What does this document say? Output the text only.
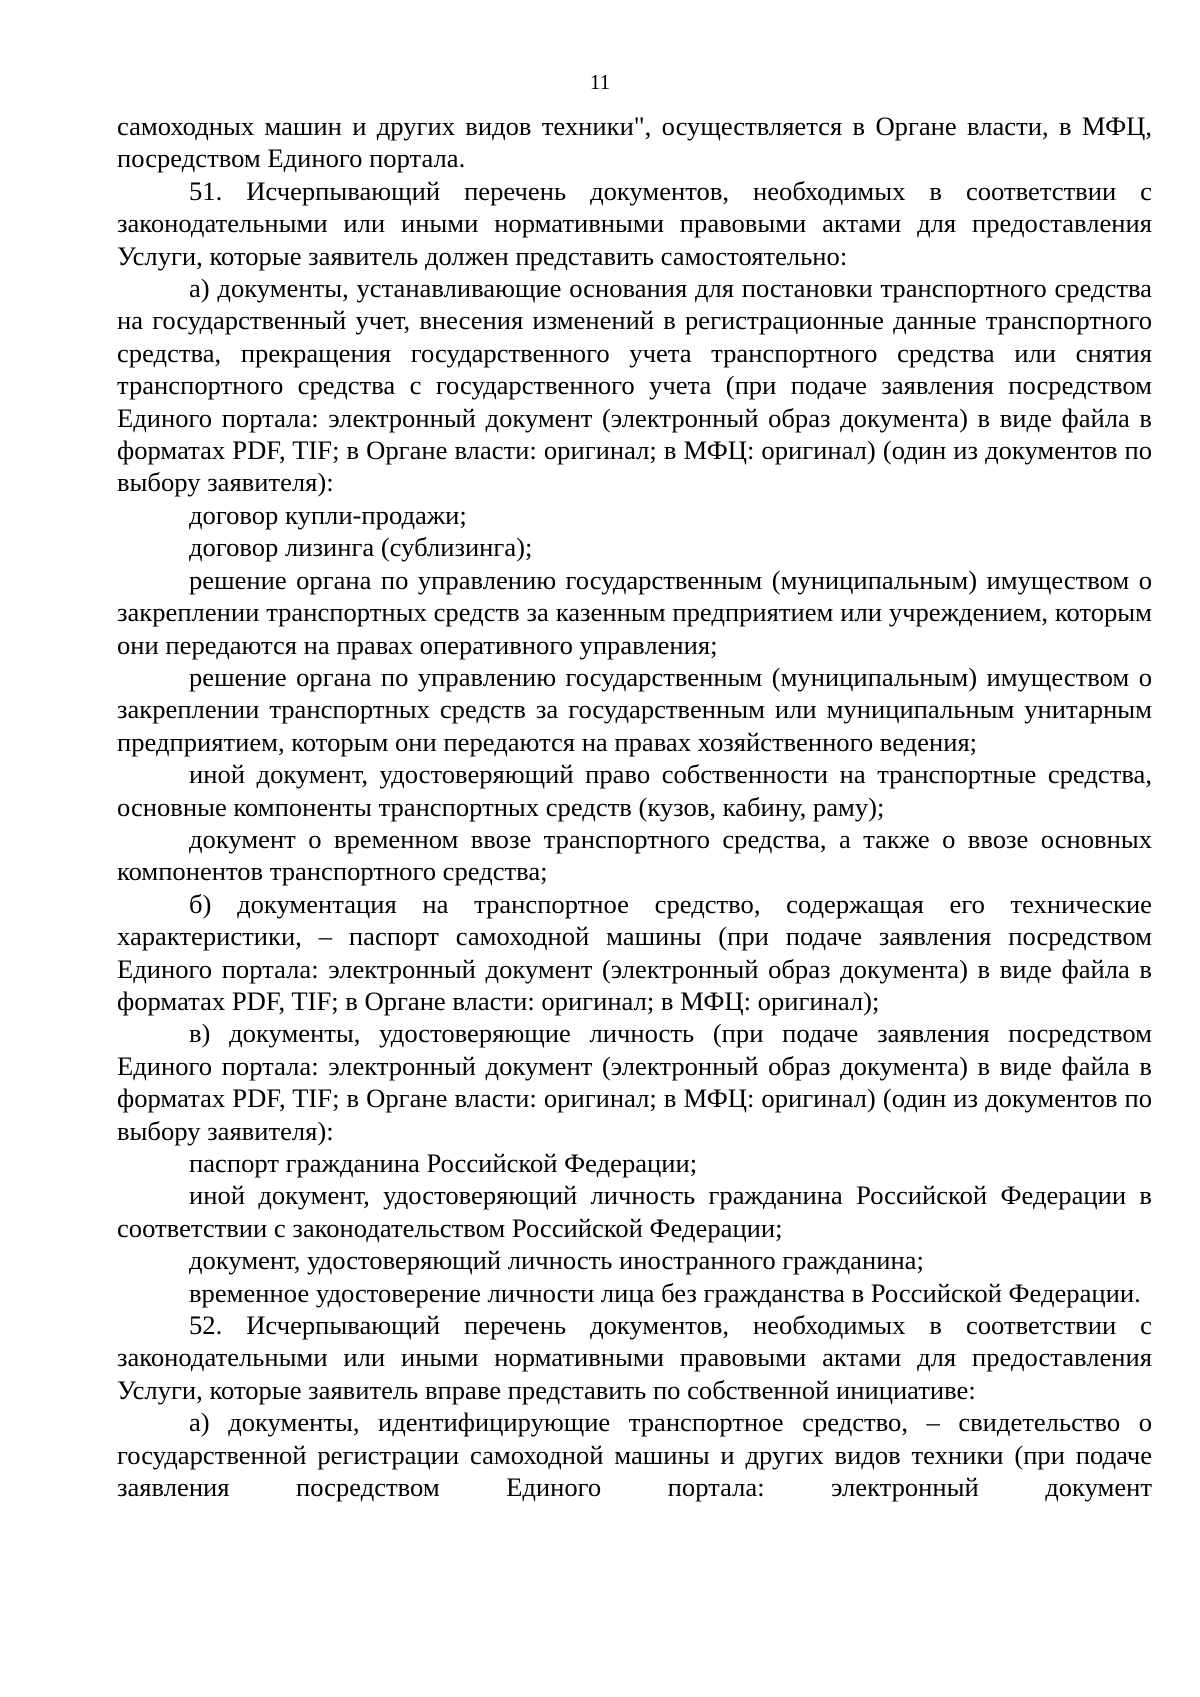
11

самоходных машин и других видов техники", осуществляется в Органе власти, в МФЦ, посредством Единого портала.

51. Исчерпывающий перечень документов, необходимых в соответствии с законодательными или иными нормативными правовыми актами для предоставления Услуги, которые заявитель должен представить самостоятельно:

а) документы, устанавливающие основания для постановки транспортного средства на государственный учет, внесения изменений в регистрационные данные транспортного средства, прекращения государственного учета транспортного средства или снятия транспортного средства с государственного учета (при подаче заявления посредством Единого портала: электронный документ (электронный образ документа) в виде файла в форматах PDF, TIF; в Органе власти: оригинал; в МФЦ: оригинал) (один из документов по выбору заявителя):

договор купли-продажи;

договор лизинга (сублизинга);

решение органа по управлению государственным (муниципальным) имуществом о закреплении транспортных средств за казенным предприятием или учреждением, которым они передаются на правах оперативного управления;

решение органа по управлению государственным (муниципальным) имуществом о закреплении транспортных средств за государственным или муниципальным унитарным предприятием, которым они передаются на правах хозяйственного ведения;

иной документ, удостоверяющий право собственности на транспортные средства, основные компоненты транспортных средств (кузов, кабину, раму);

документ о временном ввозе транспортного средства, а также о ввозе основных компонентов транспортного средства;

б) документация на транспортное средство, содержащая его технические характеристики, – паспорт самоходной машины (при подаче заявления посредством Единого портала: электронный документ (электронный образ документа) в виде файла в форматах PDF, TIF; в Органе власти: оригинал; в МФЦ: оригинал);

в) документы, удостоверяющие личность (при подаче заявления посредством Единого портала: электронный документ (электронный образ документа) в виде файла в форматах PDF, TIF; в Органе власти: оригинал; в МФЦ: оригинал) (один из документов по выбору заявителя):

паспорт гражданина Российской Федерации;

иной документ, удостоверяющий личность гражданина Российской Федерации в соответствии с законодательством Российской Федерации;

документ, удостоверяющий личность иностранного гражданина;

временное удостоверение личности лица без гражданства в Российской Федерации.

52. Исчерпывающий перечень документов, необходимых в соответствии с законодательными или иными нормативными правовыми актами для предоставления Услуги, которые заявитель вправе представить по собственной инициативе:

а) документы, идентифицирующие транспортное средство, – свидетельство о государственной регистрации самоходной машины и других видов техники (при подаче заявления посредством Единого портала: электронный документ
